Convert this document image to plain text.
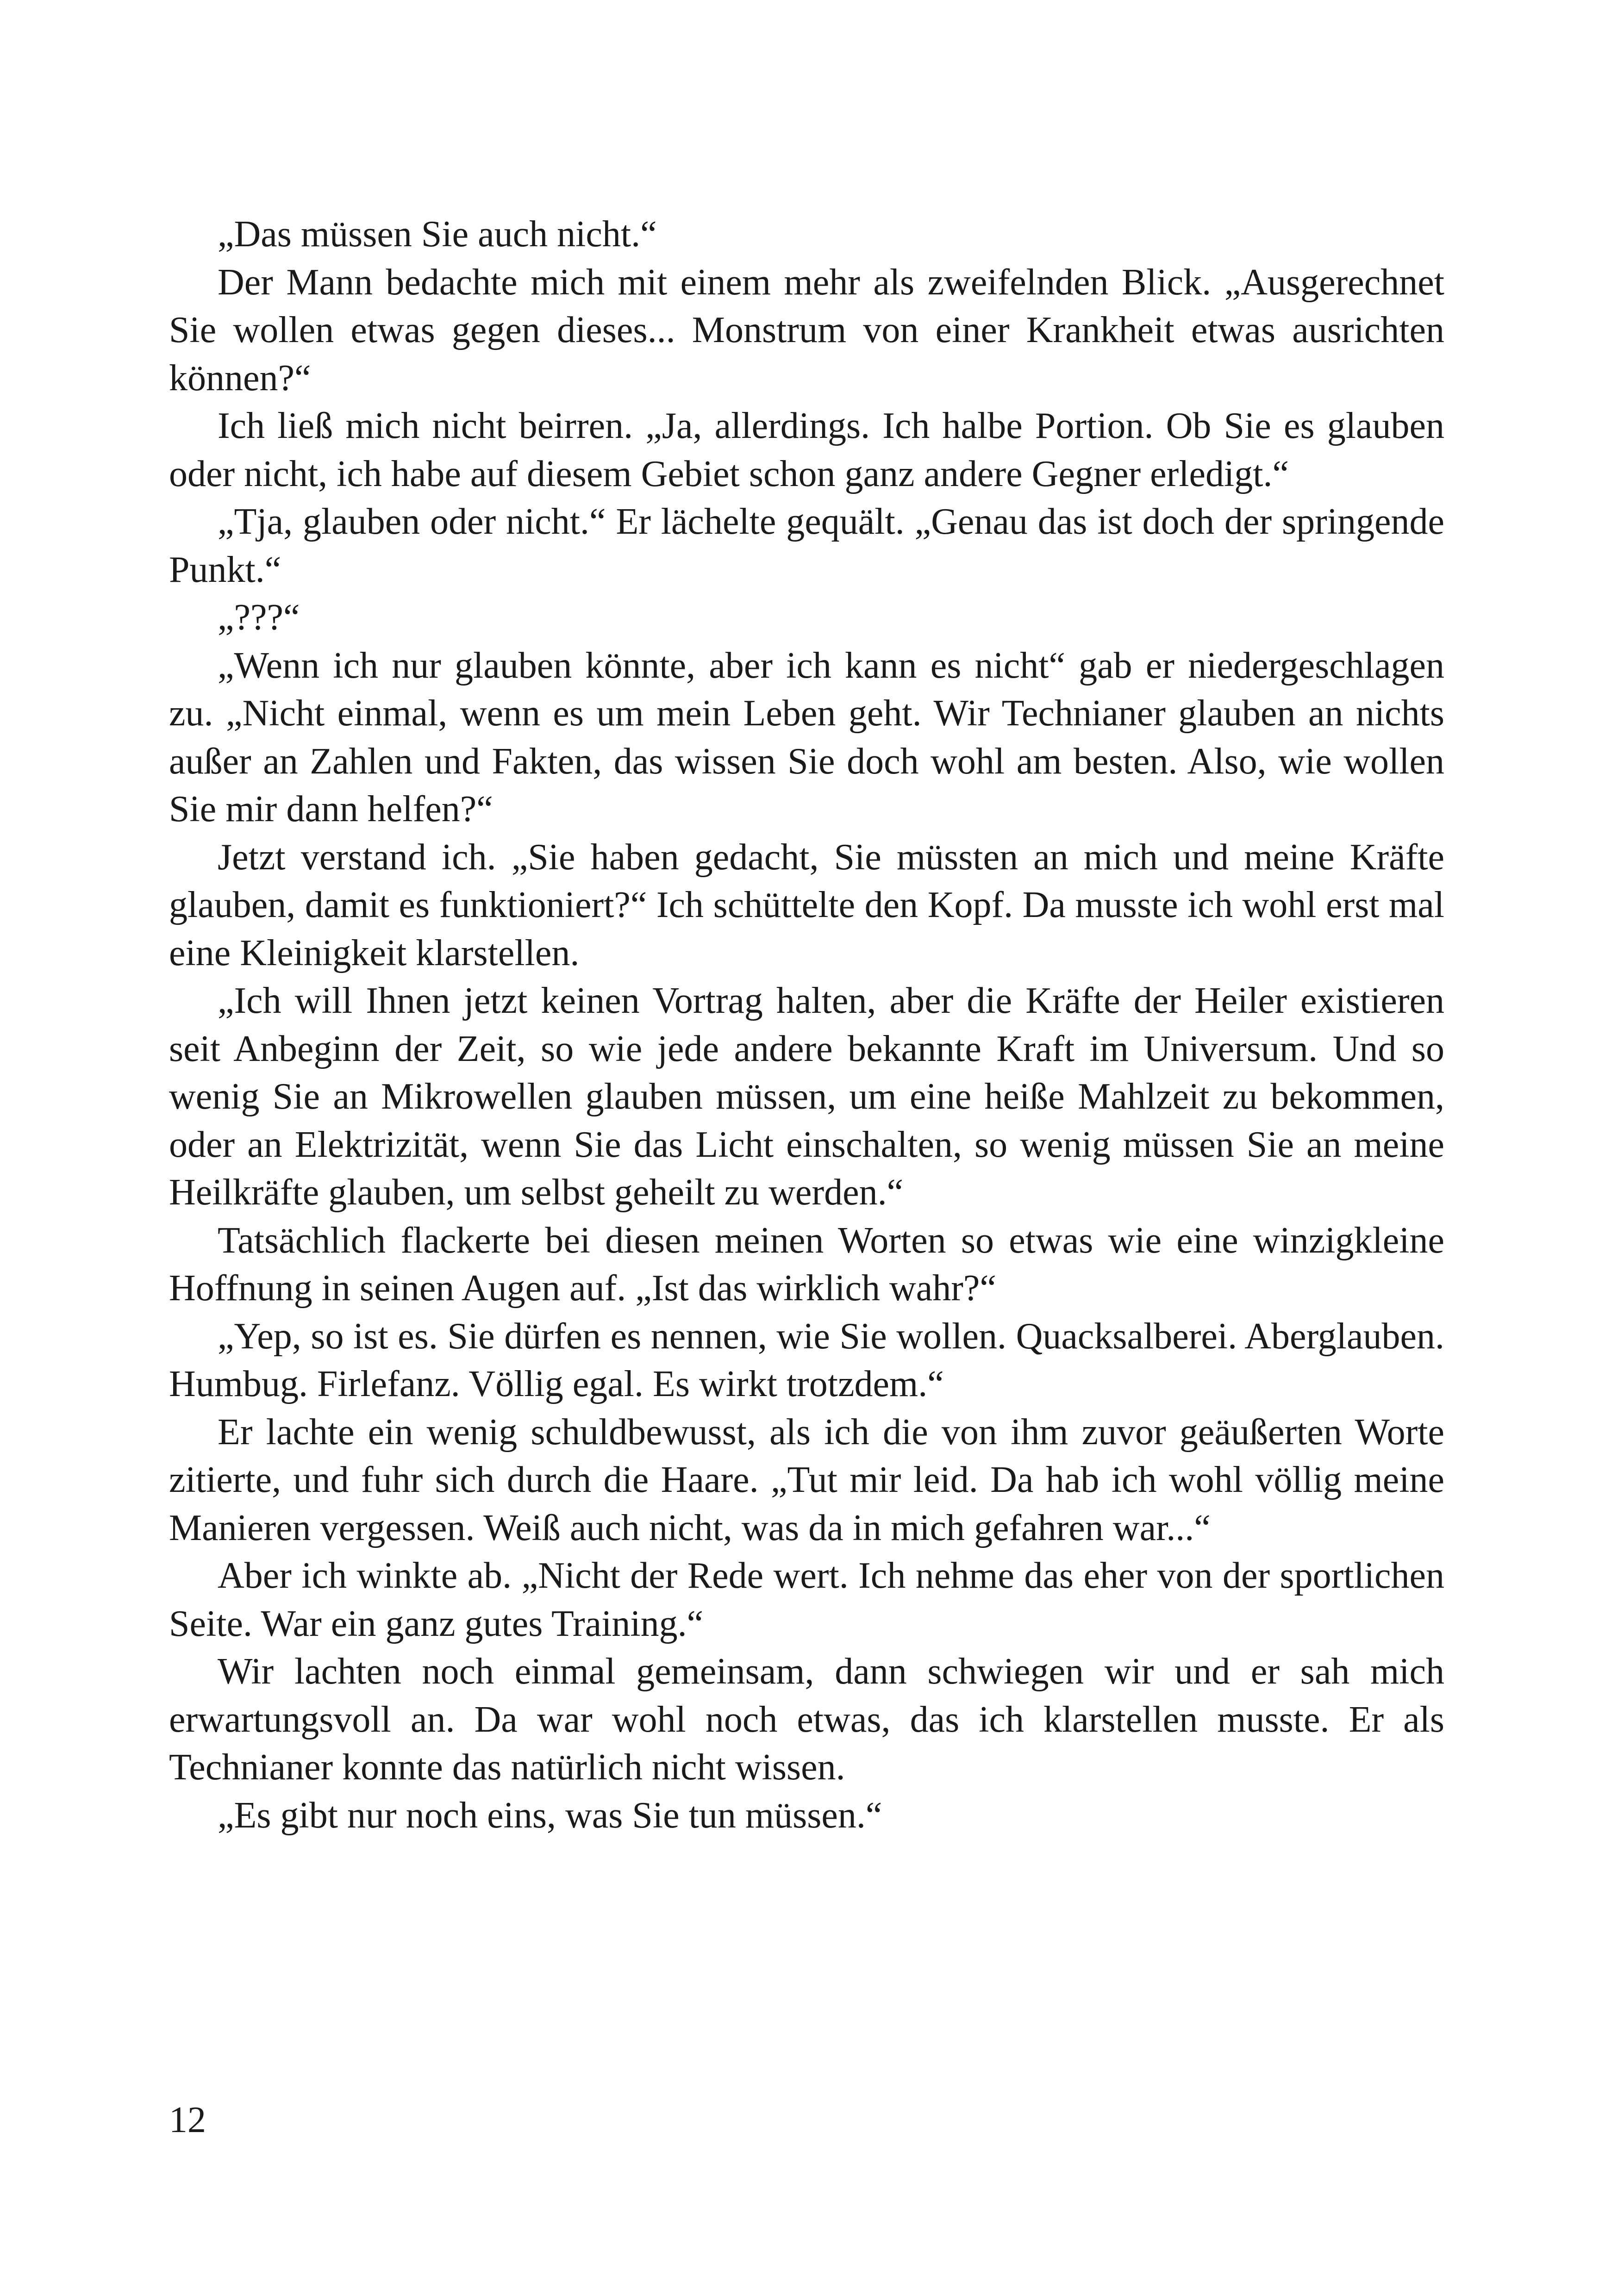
„Das müssen Sie auch nicht.“

Der Mann bedachte mich mit einem mehr als zweifelnden Blick. „Ausgerechnet Sie wollen etwas gegen dieses... Monstrum von einer Krankheit etwas ausrichten können?“

Ich ließ mich nicht beirren. „Ja, allerdings. Ich halbe Portion. Ob Sie es glauben oder nicht, ich habe auf diesem Gebiet schon ganz andere Gegner erledigt.“

„Tja, glauben oder nicht.“ Er lächelte gequält. „Genau das ist doch der springende Punkt.“

„???“

„Wenn ich nur glauben könnte, aber ich kann es nicht“ gab er niedergeschlagen zu. „Nicht einmal, wenn es um mein Leben geht. Wir Technianer glauben an nichts außer an Zahlen und Fakten, das wissen Sie doch wohl am besten. Also, wie wollen Sie mir dann helfen?“

Jetzt verstand ich. „Sie haben gedacht, Sie müssten an mich und meine Kräfte glauben, damit es funktioniert?“ Ich schüttelte den Kopf. Da musste ich wohl erst mal eine Kleinigkeit klarstellen.

„Ich will Ihnen jetzt keinen Vortrag halten, aber die Kräfte der Heiler existieren seit Anbeginn der Zeit, so wie jede andere bekannte Kraft im Universum. Und so wenig Sie an Mikrowellen glauben müssen, um eine heiße Mahlzeit zu bekommen, oder an Elektrizität, wenn Sie das Licht einschalten, so wenig müssen Sie an meine Heilkräfte glauben, um selbst geheilt zu werden.“

Tatsächlich flackerte bei diesen meinen Worten so etwas wie eine winzigkleine Hoffnung in seinen Augen auf. „Ist das wirklich wahr?“

„Yep, so ist es. Sie dürfen es nennen, wie Sie wollen. Quacksalberei. Aberglauben. Humbug. Firlefanz. Völlig egal. Es wirkt trotzdem.“

Er lachte ein wenig schuldbewusst, als ich die von ihm zuvor geäußerten Worte zitierte, und fuhr sich durch die Haare. „Tut mir leid. Da hab ich wohl völlig meine Manieren vergessen. Weiß auch nicht, was da in mich gefahren war...“

Aber ich winkte ab. „Nicht der Rede wert. Ich nehme das eher von der sportlichen Seite. War ein ganz gutes Training.“

Wir lachten noch einmal gemeinsam, dann schwiegen wir und er sah mich erwartungsvoll an. Da war wohl noch etwas, das ich klarstellen musste. Er als Technianer konnte das natürlich nicht wissen.

„Es gibt nur noch eins, was Sie tun müssen.“

12
